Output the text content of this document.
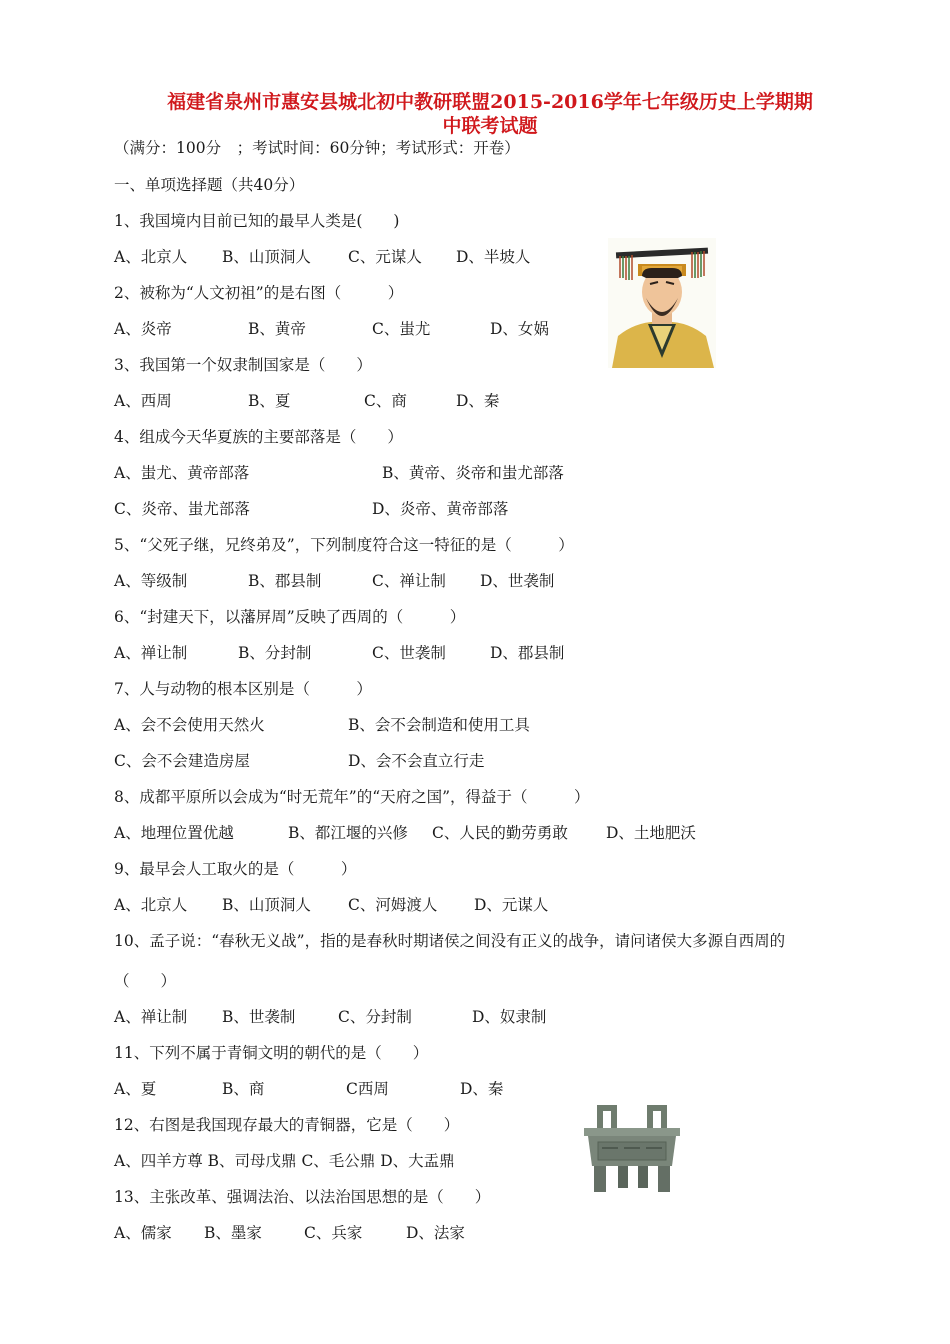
福建省泉州市惠安县城北初中教研联盟2015-2016学年七年级历史上学期期
中联考试题
（满分：100分　；考试时间：60分钟；考试形式：开卷）
一、单项选择题（共40分）
1、我国境内目前已知的最早人类是(　　)
A、北京人 B、山顶洞人 C、元谋人 D、半坡人
2、被称为“人文初祖”的是右图（　　　）
A、炎帝	B、黄帝	C、蚩尤	D、女娲
3、我国第一个奴隶制国家是（　　）
A、西周	B、夏	C、商	D、秦
4、组成今天华夏族的主要部落是（　　）
A、蚩尤、黄帝部落	B、黄帝、炎帝和蚩尤部落
C、炎帝、蚩尤部落	D、炎帝、黄帝部落
5、“父死子继，兄终弟及”，下列制度符合这一特征的是（　　　）
A、等级制	B、郡县制	C、禅让制 D、世袭制
6、“封建天下，以藩屏周”反映了西周的（　　　）
A、禅让制	B、分封制	C、世袭制	D、郡县制
7、人与动物的根本区别是（　　　）
A、会不会使用天然火	B、会不会制造和使用工具
C、会不会建造房屋	D、会不会直立行走
8、成都平原所以会成为“时无荒年”的“天府之国”，得益于（　　　）
A、地理位置优越	B、都江堰的兴修 C、人民的勤劳勇敢 D、土地肥沃
9、最早会人工取火的是（　　　）
A、北京人 B、山顶洞人 C、河姆渡人 D、元谋人
10、孟子说：“春秋无义战”，指的是春秋时期诸侯之间没有正义的战争，请问诸侯大多源自西周的
（　　）
A、禅让制 B、世袭制	C、分封制	D、奴隶制
11、下列不属于青铜文明的朝代的是（　　）
A、夏	B、商	C西周	D、秦
12、右图是我国现存最大的青铜器，它是（　　）
A、四羊方尊 B、司母戊鼎 C、毛公鼎 D、大盂鼎
13、主张改革、强调法治、以法治国思想的是（　　）
A、儒家 B、墨家	C、兵家	D、法家
